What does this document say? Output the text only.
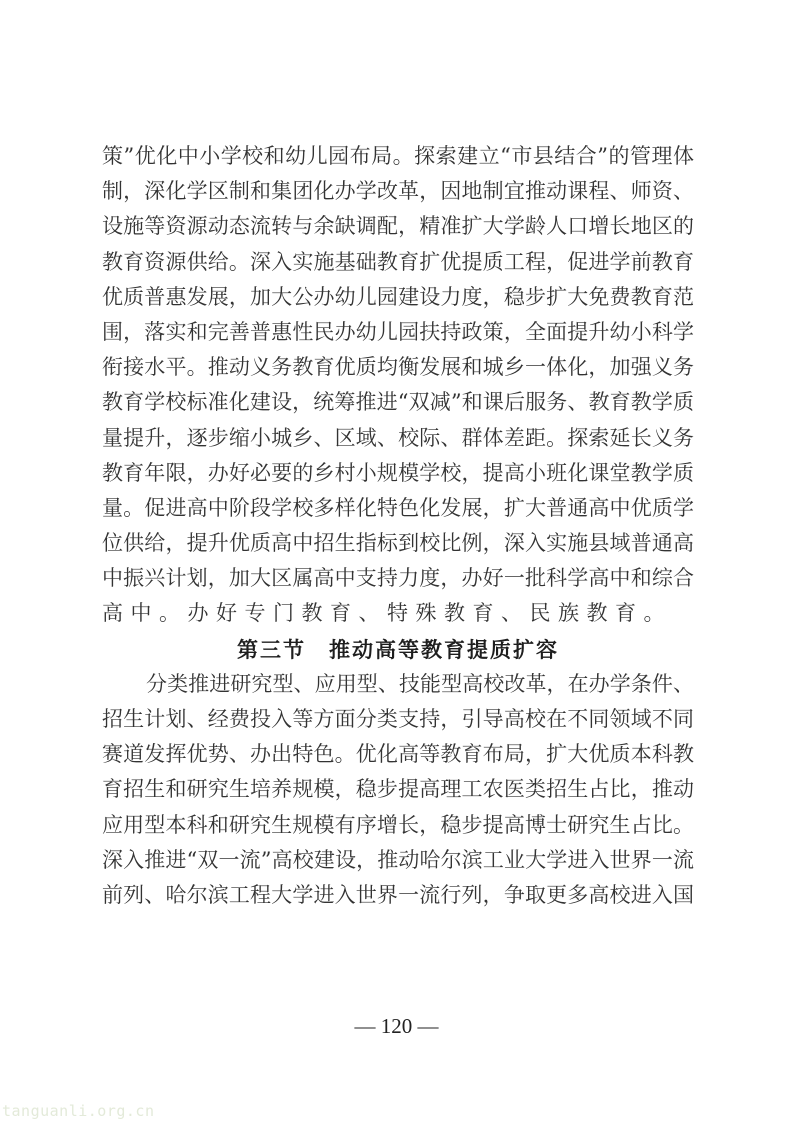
策”优化中小学校和幼儿园布局。探索建立“市县结合”的管理体
制，深化学区制和集团化办学改革，因地制宜推动课程、师资、
设施等资源动态流转与余缺调配，精准扩大学龄人口增长地区的
教育资源供给。深入实施基础教育扩优提质工程，促进学前教育
优质普惠发展，加大公办幼儿园建设力度，稳步扩大免费教育范
围，落实和完善普惠性民办幼儿园扶持政策，全面提升幼小科学
衔接水平。推动义务教育优质均衡发展和城乡一体化，加强义务
教育学校标准化建设，统筹推进“双减”和课后服务、教育教学质
量提升，逐步缩小城乡、区域、校际、群体差距。探索延长义务
教育年限，办好必要的乡村小规模学校，提高小班化课堂教学质
量。促进高中阶段学校多样化特色化发展，扩大普通高中优质学
位供给，提升优质高中招生指标到校比例，深入实施县域普通高
中振兴计划，加大区属高中支持力度，办好一批科学高中和综合
高中。办好专门教育、特殊教育、民族教育。
第三节　推动高等教育提质扩容
分类推进研究型、应用型、技能型高校改革，在办学条件、
招生计划、经费投入等方面分类支持，引导高校在不同领域不同
赛道发挥优势、办出特色。优化高等教育布局，扩大优质本科教
育招生和研究生培养规模，稳步提高理工农医类招生占比，推动
应用型本科和研究生规模有序增长，稳步提高博士研究生占比。
深入推进“双一流”高校建设，推动哈尔滨工业大学进入世界一流
前列、哈尔滨工程大学进入世界一流行列，争取更多高校进入国
— 120 —
tanguanli.org.cn
